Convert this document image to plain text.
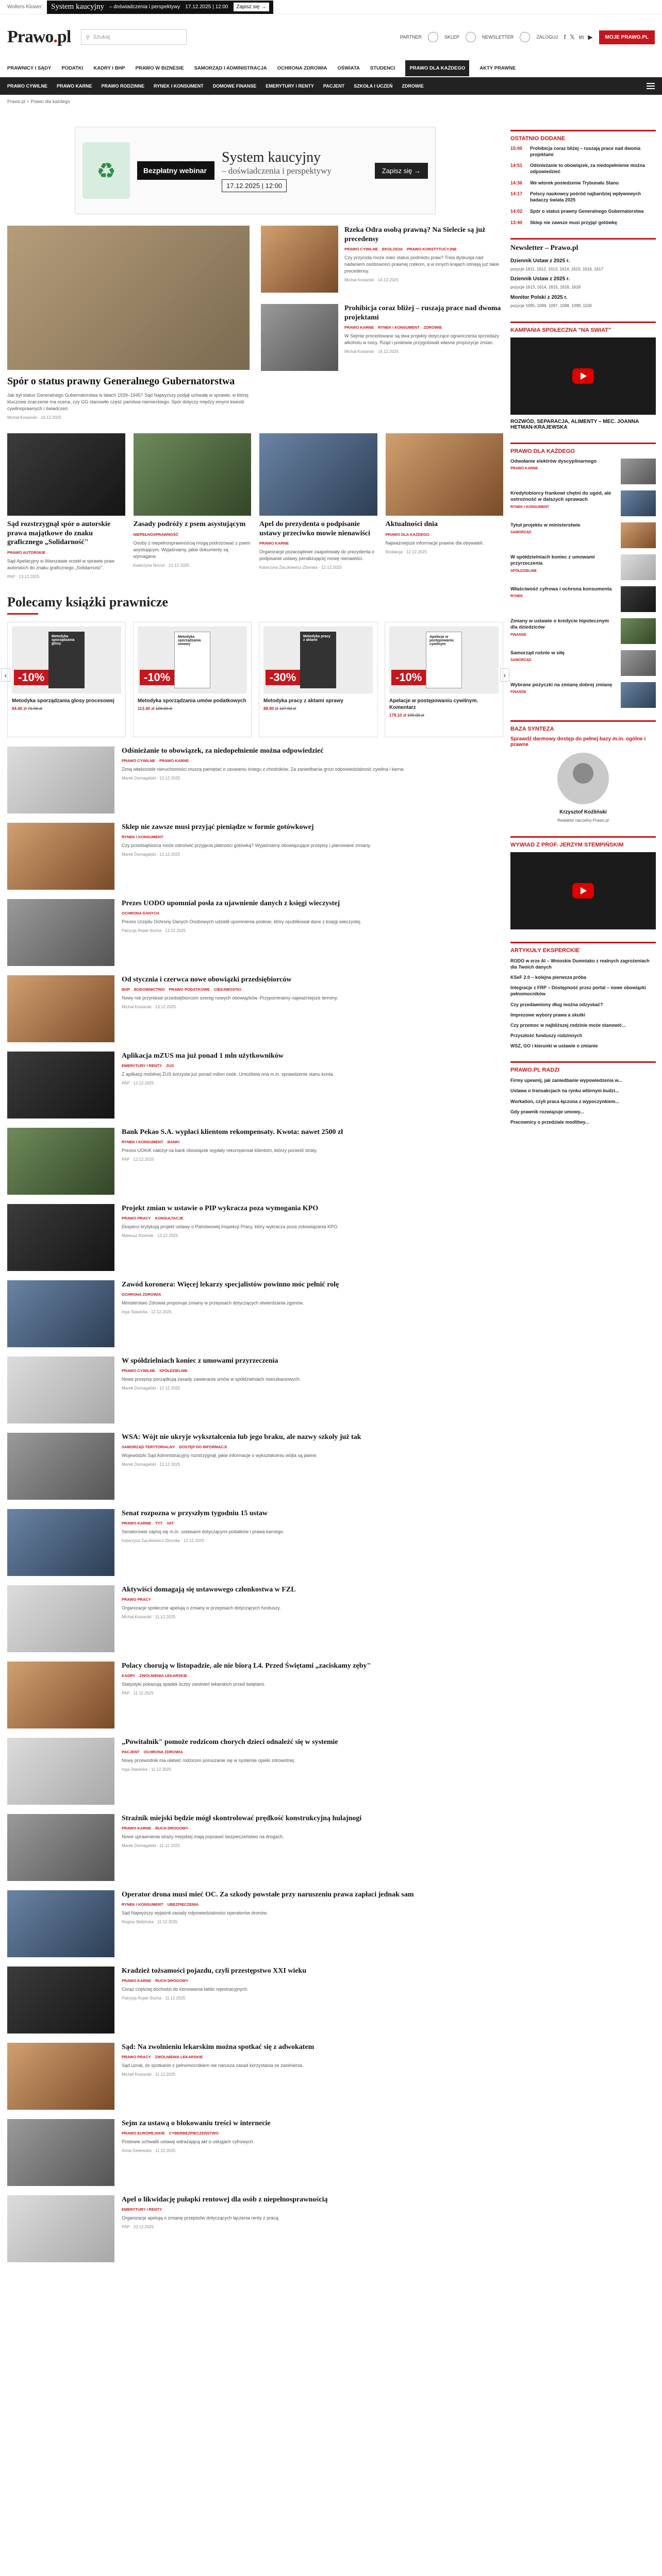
Wolters Kluwer System kaucyjny – doświadczenia i perspektywy 17.12.2025 | 12:00	Zapisz się →
Prawo.pl	⚲ Szukaj	PARTNER	SKLEP	NEWSLETTER	ZALOGUJ f 𝕏 in ▶	MOJE PRAWO.PL
PRAWNICY I SĄDY PODATKI KADRY I BHP PRAWO W BIZNESIE SAMORZĄD I ADMINISTRACJA OCHRONA ZDROWIA OŚWIATA STUDENCI	PRAWO DLA KAŻDEGO	AKTY PRAWNE
PRAWO CYWILNE PRAWO KARNE PRAWO RODZINNE RYNEK I KONSUMENT DOMOWE FINANSE EMERYTURY I RENTY PACJENT SZKOŁA I UCZEŃ ZDROWIE
Prawo.pl > Prawo dla każdego
♻	Bezpłatny webinar
System kaucyjny
– doświadczenia i perspektywy
17.12.2025 | 12:00
Zapisz się →
Spór o status prawny Generalnego Gubernatorstwa
Jak był status Generalnego Gubernatorstwa w latach 1939–1945? Sąd Najwyższy podjął uchwałę w sprawie, w której kluczowe znaczenie ma ocena, czy GG stanowiło część państwa niemieckiego. Spór dotyczy między innymi kwestii cywilnoprawnych i świadczeń.
Michał Kosiarski · 14.12.2025
Rzeka Odra osobą prawną? Na Sielecie są już precedensy
PRAWO CYWILNE EKOLOGIA PRAWO KONSTYTUCYJNE
Czy przyroda może mieć status podmiotu praw? Trwa dyskusja nad nadaniem osobowości prawnej rzekom, a w innych krajach istnieją już takie precedensy.
Michał Kosiarski · 14.12.2025
Prohibicja coraz bliżej – ruszają prace nad dwoma projektami
PRAWO KARNE RYNEK I KONSUMENT ZDROWIE
W Sejmie procedowane są dwa projekty dotyczące ograniczenia sprzedaży alkoholu w nocy. Rząd i posłowie przygotowali własne propozycje zmian.
Michał Kosiarski · 14.12.2025
Sąd rozstrzygnął spór o autorskie prawa majątkowe do znaku graficznego „Solidarność"
PRAWO AUTORSKIE
Sąd Apelacyjny w Warszawie orzekł w sprawie praw autorskich do znaku graficznego „Solidarność".
PAP · 13.12.2025
Zasady podróży z psem asystującym
NIEPEŁNOSPRAWNOŚĆ
Osoby z niepełnosprawnością mogą podróżować z psem asystującym. Wyjaśniamy, jakie dokumenty są wymagane.
Katarzyna Nocuń · 12.12.2025
Apel do prezydenta o podpisanie ustawy przeciwko mowie nienawiści
PRAWO KARNE
Organizacje pozarządowe zaapelowały do prezydenta o podpisanie ustawy penalizującej mowę nienawiści.
Katarzyna Żaczkiewicz-Zborska · 12.12.2025
Aktualności dnia
PRAWO DLA KAŻDEGO
Najważniejsze informacje prawne dla obywateli.
Redakcja · 12.12.2025
Polecamy książki prawnicze
‹	›
Metodyka sporządzania glosy
-10%
Metodyka sporządzania glosy procesowej
64.40 zł 71.56 zł
Metodyka sporządzania umowy
-10%
Metodyka sporządzania umów podatkowych
113.40 zł 126.00 zł
Metodyka pracy z aktami
-30%
Metodyka pracy z aktami sprawy
88.90 zł 127.00 zł
Apelacje w postępowaniu cywilnym
-10%
Apelacje w postępowaniu cywilnym. Komentarz
179.10 zł 199.00 zł
Odśnieżanie to obowiązek, za niedopełnienie można odpowiedzieć
PRAWO CYWILNE PRAWO KARNE
Zimą właściciele nieruchomości muszą pamiętać o usuwaniu śniegu z chodników. Za zaniedbania grozi odpowiedzialność cywilna i karna.
Marek Domagalski · 13.12.2025
Sklep nie zawsze musi przyjąć pieniądze w formie gotówkowej
RYNEK I KONSUMENT
Czy przedsiębiorca może odmówić przyjęcia płatności gotówką? Wyjaśniamy obowiązujące przepisy i planowane zmiany.
Marek Domagalski · 13.12.2025
Prezes UODO upomniał posła za ujawnienie danych z księgi wieczystej
OCHRONA DANYCH
Prezes Urzędu Ochrony Danych Osobowych udzielił upomnienia posłowi, który opublikował dane z księgi wieczystej.
Patrycja Rojek-Socha · 13.12.2025
Od stycznia i czerwca nowe obowiązki przedsiębiorców
BHP BUDOWNICTWO PRAWO PODATKOWE CIEKAWOSTKI
Nowy rok przyniesie przedsiębiorcom szereg nowych obowiązków. Przypominamy najważniejsze terminy.
Michał Kosiarski · 13.12.2025
Aplikacja mZUS ma już ponad 1 mln użytkowników
EMERYTURY I RENTY ZUS
Z aplikacji mobilnej ZUS korzysta już ponad milion osób. Umożliwia ona m.in. sprawdzenie stanu konta.
PAP · 12.12.2025
Bank Pekao S.A. wypłaci klientom rekompensaty. Kwota: nawet 2500 zł
RYNEK I KONSUMENT BANKI
Prezes UOKiK nałożył na bank obowiązek wypłaty rekompensat klientom, którzy ponieśli straty.
PAP · 12.12.2025
Projekt zmian w ustawie o PIP wykracza poza wymogania KPO
PRAWO PRACY KONSULTACJE
Eksperci krytykują projekt ustawy o Państwowej Inspekcji Pracy, który wykracza poza zobowiązania KPO.
Mateusz Rzemek · 12.12.2025
Zawód koronera: Więcej lekarzy specjalistów powinno móc pełnić rolę
OCHRONA ZDROWIA
Ministerstwo Zdrowia proponuje zmiany w przepisach dotyczących stwierdzania zgonów.
Inga Stawicka · 12.12.2025
W spółdzielniach koniec z umowami przyrzeczenia
PRAWO CYWILNE SPÓŁDZIELNIE
Nowe przepisy porządkują zasady zawierania umów w spółdzielniach mieszkaniowych.
Marek Domagalski · 12.12.2025
WSA: Wójt nie ukryje wykształcenia lub jego braku, ale nazwy szkoły już tak
SAMORZĄD TERYTORIALNY DOSTĘP DO INFORMACJI
Wojewódzki Sąd Administracyjny rozstrzygnął, jakie informacje o wykształceniu wójta są jawne.
Marek Domagalski · 12.12.2025
Senat rozpozna w przyszłym tygodniu 15 ustaw
PRAWO KARNE TYT VAT
Senatorowie zajmą się m.in. ustawami dotyczącymi podatków i prawa karnego.
Katarzyna Żaczkiewicz-Zborska · 12.12.2025
Aktywiści domagają się ustawowego członkostwa w FZL
PRAWO PRACY
Organizacje społeczne apelują o zmiany w przepisach dotyczących funduszy.
Michał Kosiarski · 11.12.2025
Polacy chorują w listopadzie, ale nie biorą L4. Przed Świętami „zaciskamy zęby"
KADRY ZWOLNIENIA LEKARSKIE
Statystyki pokazują spadek liczby zwolnień lekarskich przed świętami.
PAP · 11.12.2025
„Powitalnik" pomoże rodzicom chorych dzieci odnaleźć się w systemie
PACJENT OCHRONA ZDROWIA
Nowy przewodnik ma ułatwić rodzicom poruszanie się w systemie opieki zdrowotnej.
Inga Stawicka · 11.12.2025
Strażnik miejski będzie mógł skontrolować prędkość konstrukcyjną hulajnogi
PRAWO KARNE RUCH DROGOWY
Nowe uprawnienia straży miejskiej mają poprawić bezpieczeństwo na drogach.
Marek Domagalski · 11.12.2025
Operator drona musi mieć OC. Za szkody powstałe przy naruszeniu prawa zapłaci jednak sam
RYNEK I KONSUMENT UBEZPIECZENIA
Sąd Najwyższy wyjaśnił zasady odpowiedzialności operatorów dronów.
Regina Skibińska · 11.12.2025
Kradzież tożsamości pojazdu, czyli przestępstwo XXI wieku
PRAWO KARNE RUCH DROGOWY
Coraz częściej dochodzi do klonowania tablic rejestracyjnych.
Patrycja Rojek-Socha · 11.12.2025
Sąd: Na zwolnieniu lekarskim można spotkać się z adwokatem
PRAWO PRACY ZWOLNIENIA LEKARSKIE
Sąd uznał, że spotkanie z pełnomocnikiem nie narusza zasad korzystania ze zwolnienia.
Michał Kosiarski · 11.12.2025
Sejm za ustawą o blokowaniu treści w internecie
PRAWO EUROPEJSKIE CYBERBEZPIECZEŃSTWO
Posłowie uchwalili ustawę wdrażającą akt o usługach cyfrowych.
Anna Gielewska · 11.12.2025
Apel o likwidację pułapki rentowej dla osób z niepełnosprawnością
EMERYTURY I RENTY
Organizacje apelują o zmianę przepisów dotyczących łączenia renty z pracą.
PAP · 10.12.2025
OSTATNIO DODANE
15:00	Prohibicja coraz bliżej – ruszają prace nad dwoma projektami
14:51	Odśnieżanie to obowiązek, za niedopełnienie można odpowiedzieć
14:36	We wtorek posiedzenie Trybunału Stanu
14:17	Polscy naukowcy pośród najbardziej wpływowych badaczy świata 2025
14:02	Spór o status prawny Generalnego Gubernatorstwa
13:40	Sklep nie zawsze musi przyjąć gotówkę
Newsletter – Prawo.pl
Dziennik Ustaw z 2025 r.
pozycje 1611, 1612, 1613, 1614, 1615, 1616, 1617
Dziennik Ustaw z 2025 r.
pozycje 1613, 1614, 1615, 1616, 1618
Monitor Polski z 2025 r.
pozycje 1095, 1096, 1097, 1098, 1099, 1100
KAMPANIA SPOŁECZNA "NA SWIAT"
ROZWÓD, SEPARACJA, ALIMENTY – MEC. JOANNA HETMAN-KRAJEWSKA
PRAWO DLA KAŻDEGO
Odwołanie elektrów dyscyplinarnego
PRAWO KARNE
Kredytobiorcy frankowi chętni do ugód, ale ostrożność w dalszych sprawach
RYNEK I KONSUMENT
Tytuł projektu w ministerstwie
SAMORZĄD
W spółdzielniach koniec z umowami przyrzeczenia
SPÓŁDZIELNIE
Właściwość cyfrowa i ochrona konsumenta
RYNEK
Zmiany w ustawie o kredycie hipotecznym dla dziedziców
FINANSE
Samorząd rośnie w siłę
SAMORZĄD
Wybrane pożyczki na zmianę dobrej zmianę
FINANSE
BAZA SYNTEZA
Sprawdź darmowy dostęp do pełnej bazy m.in. ogólne i prawne
Krzysztof Koźliński
Redaktor naczelny Prawo.pl
WYWIAD Z PROF. JERZYM STEMPIŃSKIM
ARTYKUŁY EKSPERCKIE
RODO w erze AI – Wnioskie Dumniako z realnych zagrożeniach dla Twoich danych
KSeF 2.0 – kolejna pierwsza próba
Integracje z FRP – Dostępność przez portal – nowe obowiązki pełnomocników
Czy przedawniony dług można odzyskać?
Imprezowe wybory prawa a skutki
Czy przemoc w najbliższej rodzinie może stanowić...
Przyszłość funduszy rodzinnych
WSZ, GO i kierunki w ustawie o zmianie
PRAWO.PL RADZI
Firmy upewnij, jak zaniedbanie wypowiedzenia w...
Ustawa o transakcjach na rynku wtórnym budzi...
Workation, czyli praca łączona z wypoczynkiem...
Gdy prawnik rozwiązuje umowy...
Pracownicy o przedziale modlitwy...
